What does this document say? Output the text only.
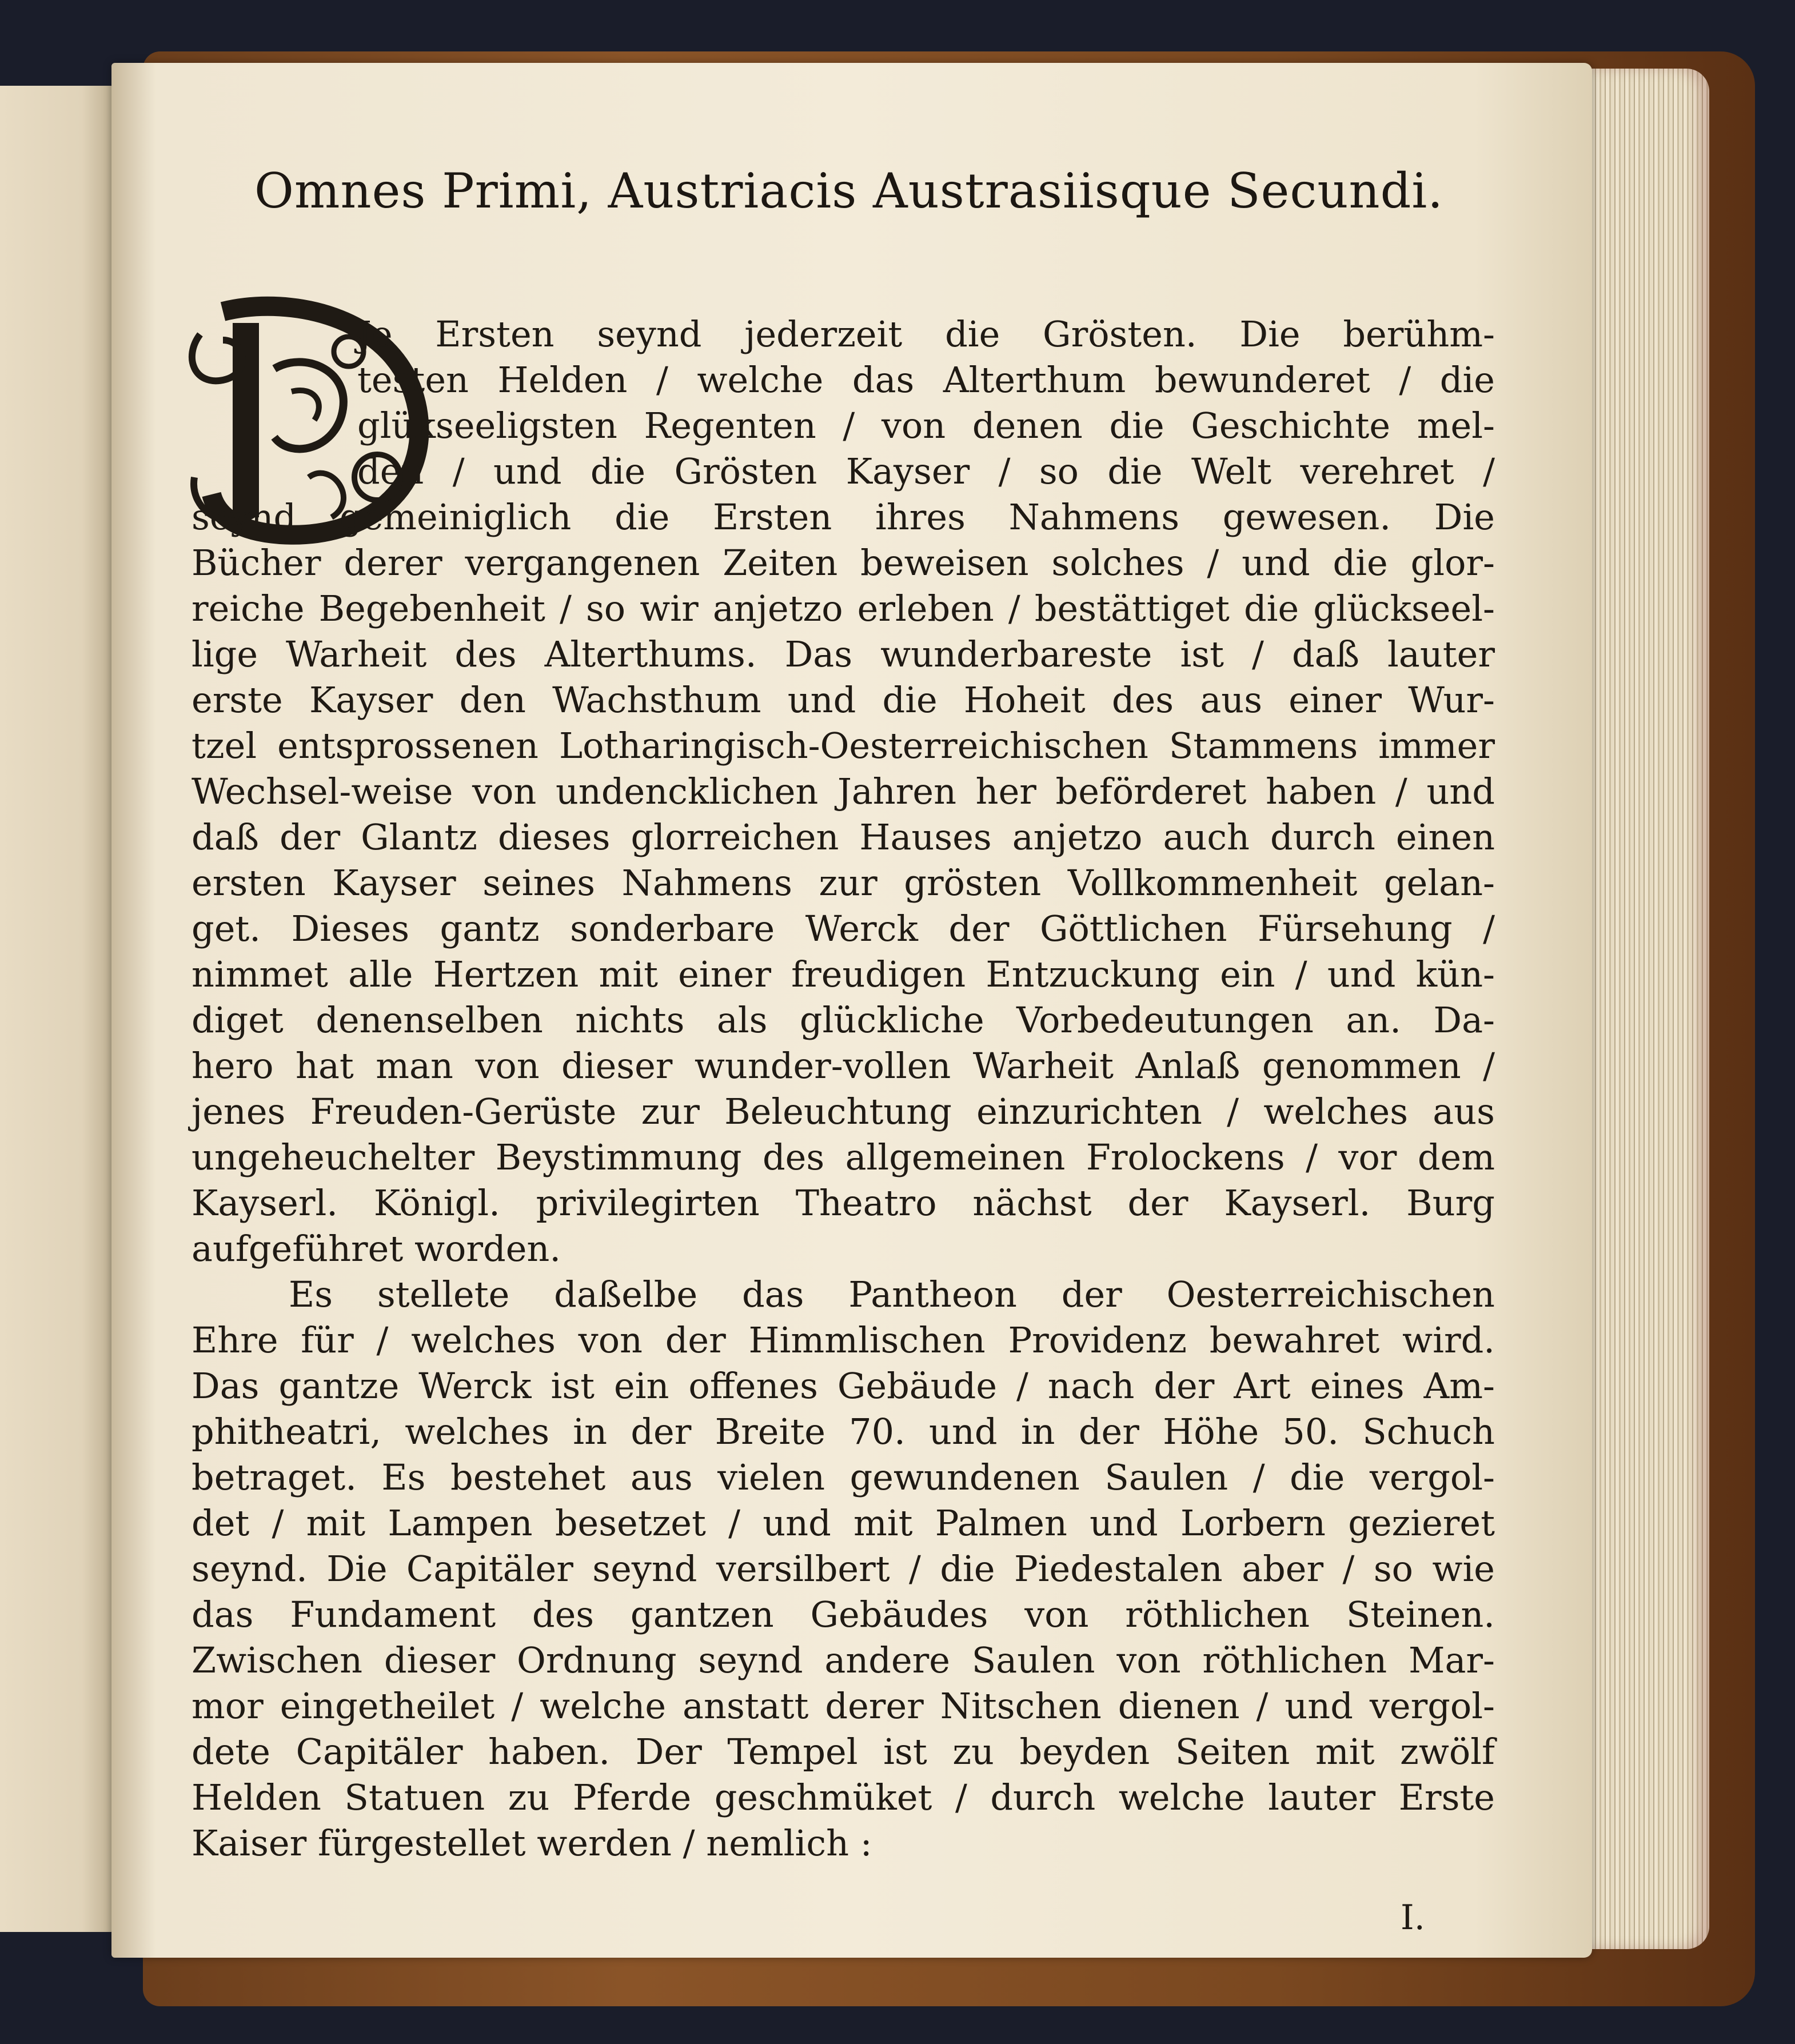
Omnes Primi, Austriacis Austrasiisque Secundi.
Je Ersten seynd jederzeit die Grösten. Die berühm-
testen Helden / welche das Alterthum bewunderet / die
glükseeligsten Regenten / von denen die Geschichte mel-
den / und die Grösten Kayser / so die Welt verehret /
seynd gemeiniglich die Ersten ihres Nahmens gewesen. Die
Bücher derer vergangenen Zeiten beweisen solches / und die glor-
reiche Begebenheit / so wir anjetzo erleben / bestättiget die glückseel-
lige Warheit des Alterthums. Das wunderbareste ist / daß lauter
erste Kayser den Wachsthum und die Hoheit des aus einer Wur-
tzel entsprossenen Lotharingisch-Oesterreichischen Stammens immer
Wechsel-weise von undencklichen Jahren her beförderet haben / und
daß der Glantz dieses glorreichen Hauses anjetzo auch durch einen
ersten Kayser seines Nahmens zur grösten Vollkommenheit gelan-
get. Dieses gantz sonderbare Werck der Göttlichen Fürsehung /
nimmet alle Hertzen mit einer freudigen Entzuckung ein / und kün-
diget denenselben nichts als glückliche Vorbedeutungen an. Da-
hero hat man von dieser wunder-vollen Warheit Anlaß genommen /
jenes Freuden-Gerüste zur Beleuchtung einzurichten / welches aus
ungeheuchelter Beystimmung des allgemeinen Frolockens / vor dem
Kayserl. Königl. privilegirten Theatro nächst der Kayserl. Burg
aufgeführet worden.
Es stellete daßelbe das Pantheon der Oesterreichischen
Ehre für / welches von der Himmlischen Providenz bewahret wird.
Das gantze Werck ist ein offenes Gebäude / nach der Art eines Am-
phitheatri, welches in der Breite 70. und in der Höhe 50. Schuch
betraget. Es bestehet aus vielen gewundenen Saulen / die vergol-
det / mit Lampen besetzet / und mit Palmen und Lorbern gezieret
seynd. Die Capitäler seynd versilbert / die Piedestalen aber / so wie
das Fundament des gantzen Gebäudes von röthlichen Steinen.
Zwischen dieser Ordnung seynd andere Saulen von röthlichen Mar-
mor eingetheilet / welche anstatt derer Nitschen dienen / und vergol-
dete Capitäler haben. Der Tempel ist zu beyden Seiten mit zwölf
Helden Statuen zu Pferde geschmüket / durch welche lauter Erste
Kaiser fürgestellet werden / nemlich :
I.
